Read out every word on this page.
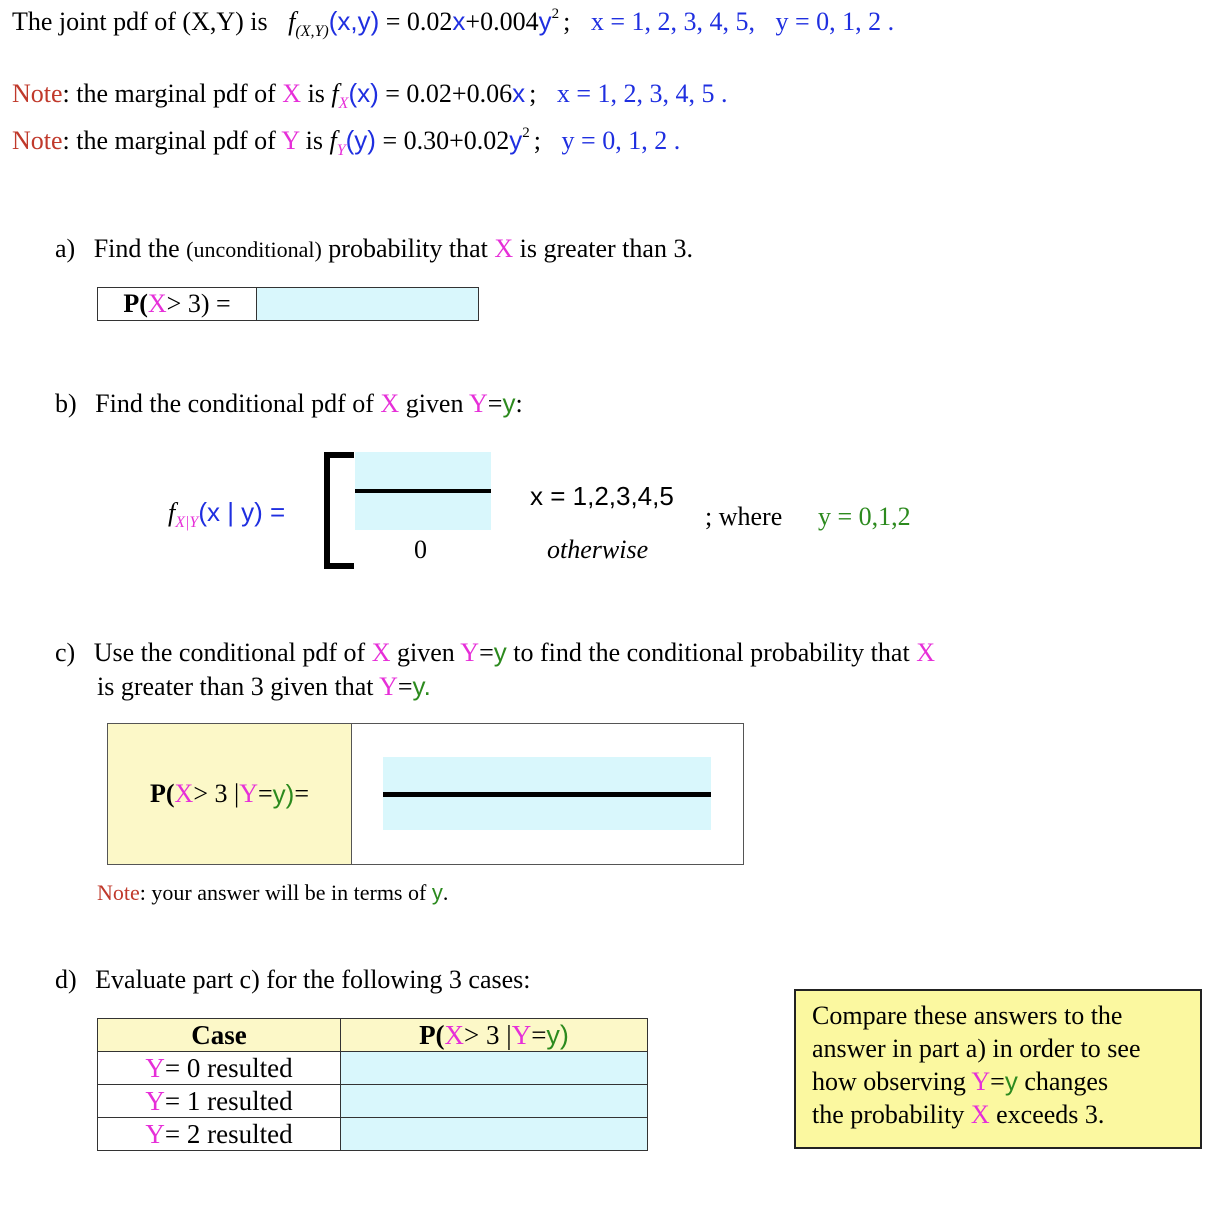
The joint pdf of (X,Y) is $f_{(X,Y)}(x,y) = 0.02x+0.004y^2$ ; x = 1, 2, 3, 4, 5, y = 0, 1, 2 .
Note: the marginal pdf of X is $f_X(x) = 0.02+0.06x$ ; x = 1, 2, 3, 4, 5 .
Note: the marginal pdf of Y is $f_Y(y) = 0.30+0.02y^2$ ; y = 0, 1, 2 .
a) Find the (unconditional) probability that X is greater than 3.
P(X> 3) =
b) Find the conditional pdf of X given Y=y:
$f_{X|Y}(x$ | y) =
0
x = 1,2,3,4,5
otherwise
; where y = 0,1,2
c) Use the conditional pdf of X given Y=y to find the conditional probability that X
is greater than 3 given that Y=y.
P( X > 3 | Y = y) =
Note: your answer will be in terms of y.
d) Evaluate part c) for the following 3 cases:
Case	P(X> 3 |Y=y)
Y= 0 resulted	
Y= 1 resulted	
Y= 2 resulted	
Compare these answers to the
answer in part a) in order to see
how observing Y=y changes
the probability X exceeds 3.
